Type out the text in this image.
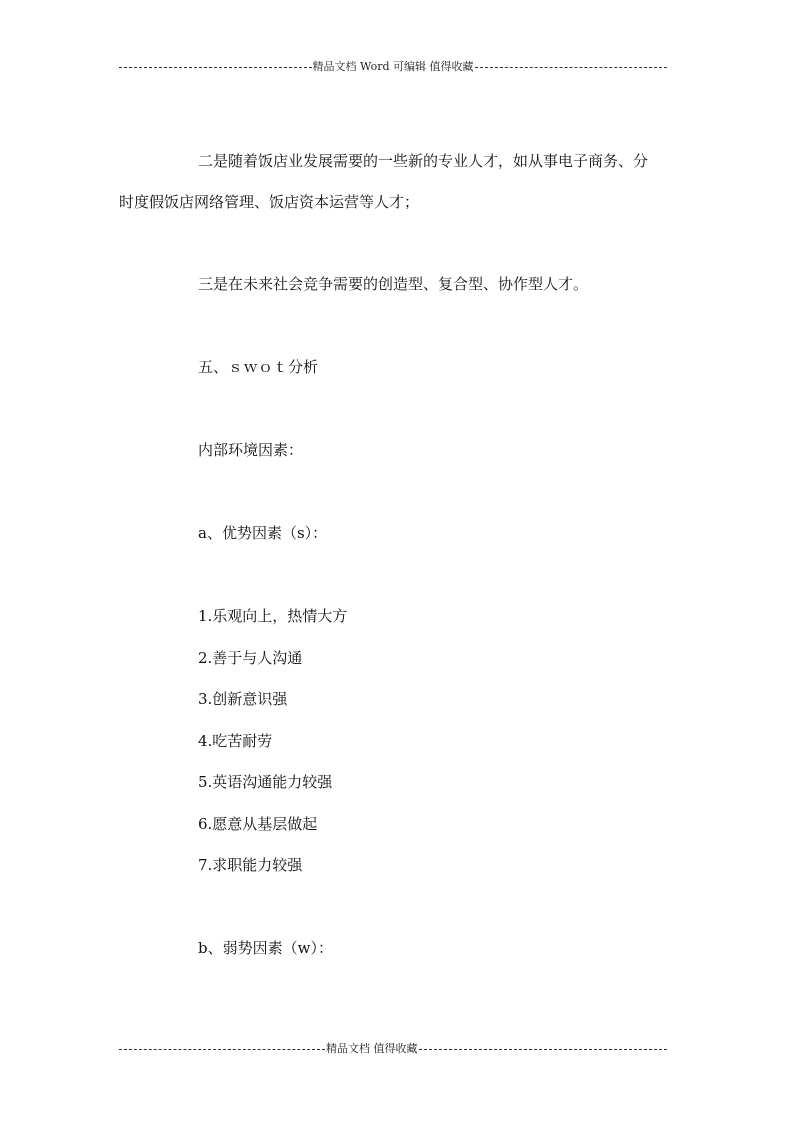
精品文档 Word 可编辑 值得收藏

二是随着饭店业发展需要的一些新的专业人才，如从事电子商务、分

时度假饭店网络管理、饭店资本运营等人才；

三是在未来社会竞争需要的创造型、复合型、协作型人才。

五、ｓｗｏｔ分析

内部环境因素：

a、优势因素（s）：

1.乐观向上，热情大方

2.善于与人沟通

3.创新意识强

4.吃苦耐劳

5.英语沟通能力较强

6.愿意从基层做起

7.求职能力较强

b、弱势因素（w）：

精品文档 值得收藏
